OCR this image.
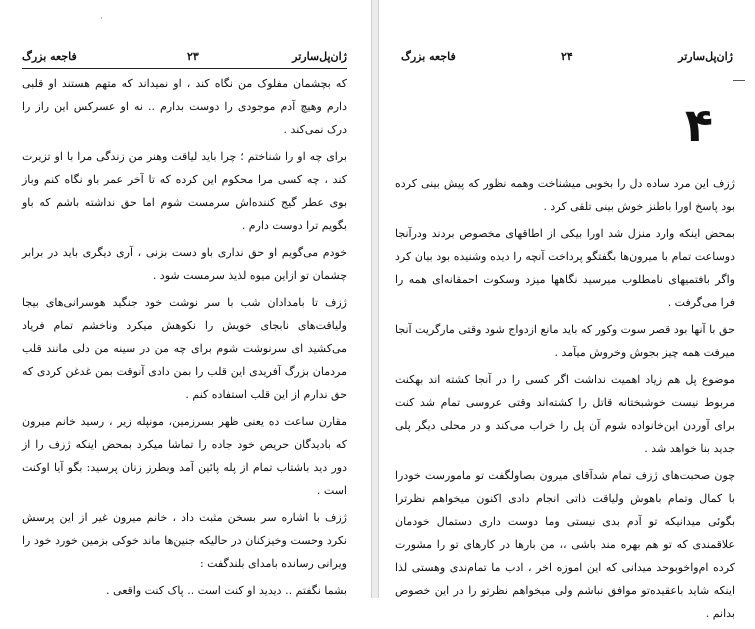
·
فاجعه بزرگ	۲۳	ژان‌پل‌سارتر

که بچشمان مفلوک من نگاه کند ، او نمیداند که متهم هستند او قلبی دارم وهیچ آدم موجودی را دوست بدارم .. نه او عسرکس این راز را درک نمی‌کند .

برای چه او را شناختم ؛ چرا باید لیاقت وهنر من زندگی مرا با او تزیرت کند ، چه کسی مرا محکوم این کرده که تا آخر عمر باو نگاه کنم وباز بوی عطر گیج کننده‌اش سرمست شوم اما حق نداشته باشم که باو بگویم ترا دوست دارم .

خودم می‌گویم او حق نداری باو دست بزنی ، آری دیگری باید در برابر چشمان تو ازاین میوه لذیذ سرمست شود .

ژزف تا بامدادان شب با سر نوشت خود جنگید هوسرانی‌های بیجا ولیاقت‌های نابجای خویش را نکوهش میکرد وناخشم تمام فریاد می‌کشید ای سرنوشت شوم برای چه من در سینه من دلی مانند قلب مردمان بزرگ آفریدی این قلب را بمن دادی آنوقت بمن غدغن کردی که حق ندارم از این قلب استفاده کنم .

مقارن ساعت ده یعنی ظهر بسرزمین، مونپله زیر ، رسید خانم میرون که بادیدگان حریص خود جاده را تماشا میکرد بمحض اینکه ژزف را از دور دید باشتاب تمام از پله پائین آمد وبطرز زنان پرسید: بگو آیا اوکنت است .

ژزف با اشاره سر بسخن مثبت داد ، خانم میرون غیر از این پرسش نکرد وحست وخیزکنان در حالیکه جنین‌ها ماند خوکی بزمین خورد خود را ویرانی رسانده بامدای بلندگفت :

بشما نگفتم .. دیدید او کنت است .. پاک کنت واقعی .

فاجعه بزرگ	۲۴	ژان‌پل‌سارتر
۴

ژزف این مرد ساده دل را بخوبی میشناخت وهمه نظور که پیش بینی کرده بود پاسخ اورا باطنز خوش بینی تلقی کرد .

بمحض اینکه وارد منزل شد اورا بیکی از اطاقهای مخصوص بردند ودرآنجا دوساعت تمام با میرون‌ها بگفتگو پرداخت آنچه را دیده وشنیده بود بیان کرد واگر بافتمیهای نامطلوب میرسید نگاهها میزد وسکوت احمقانه‌ای همه را فرا می‌گرفت .

حق با آنها بود قصر سوت وکور که باید مانع ازدواج شود وقتی مارگریت آنجا میرفت همه چیز بجوش وخروش میآمد .

موضوع پل هم زیاد اهمیت نداشت اگر کسی را در آنجا کشته اند بهکنت مربوط نیست خوشبختانه قاتل را کشته‌اند وقتی عروسی تمام شد کنت برای آوردن این‌خانواده شوم آن پل را خراب می‌کند و در محلی دیگر پلی جدید بنا خواهد شد .

چون صحبت‌های ژزف تمام شدآقای میرون بصاولگفت تو مامورست خودرا با کمال وتمام باهوش ولیاقت ذاتی انجام دادی اکنون میخواهم نظرترا بگوئی میدانیکه تو آدم بدی نیستی وما دوست داری دستمال خودمان علاقمندی که تو هم بهره مند باشی ،، من بارها در کارهای تو را مشورت کرده ام‌واخوبوحد میدانی که این اموزه اخر ، ادب ما تمام‌ندی وهستی لذا اینکه شاید باعقیده‌تو موافق نباشم ولی میخواهم نظرتو را در این خصوص بدانم .
